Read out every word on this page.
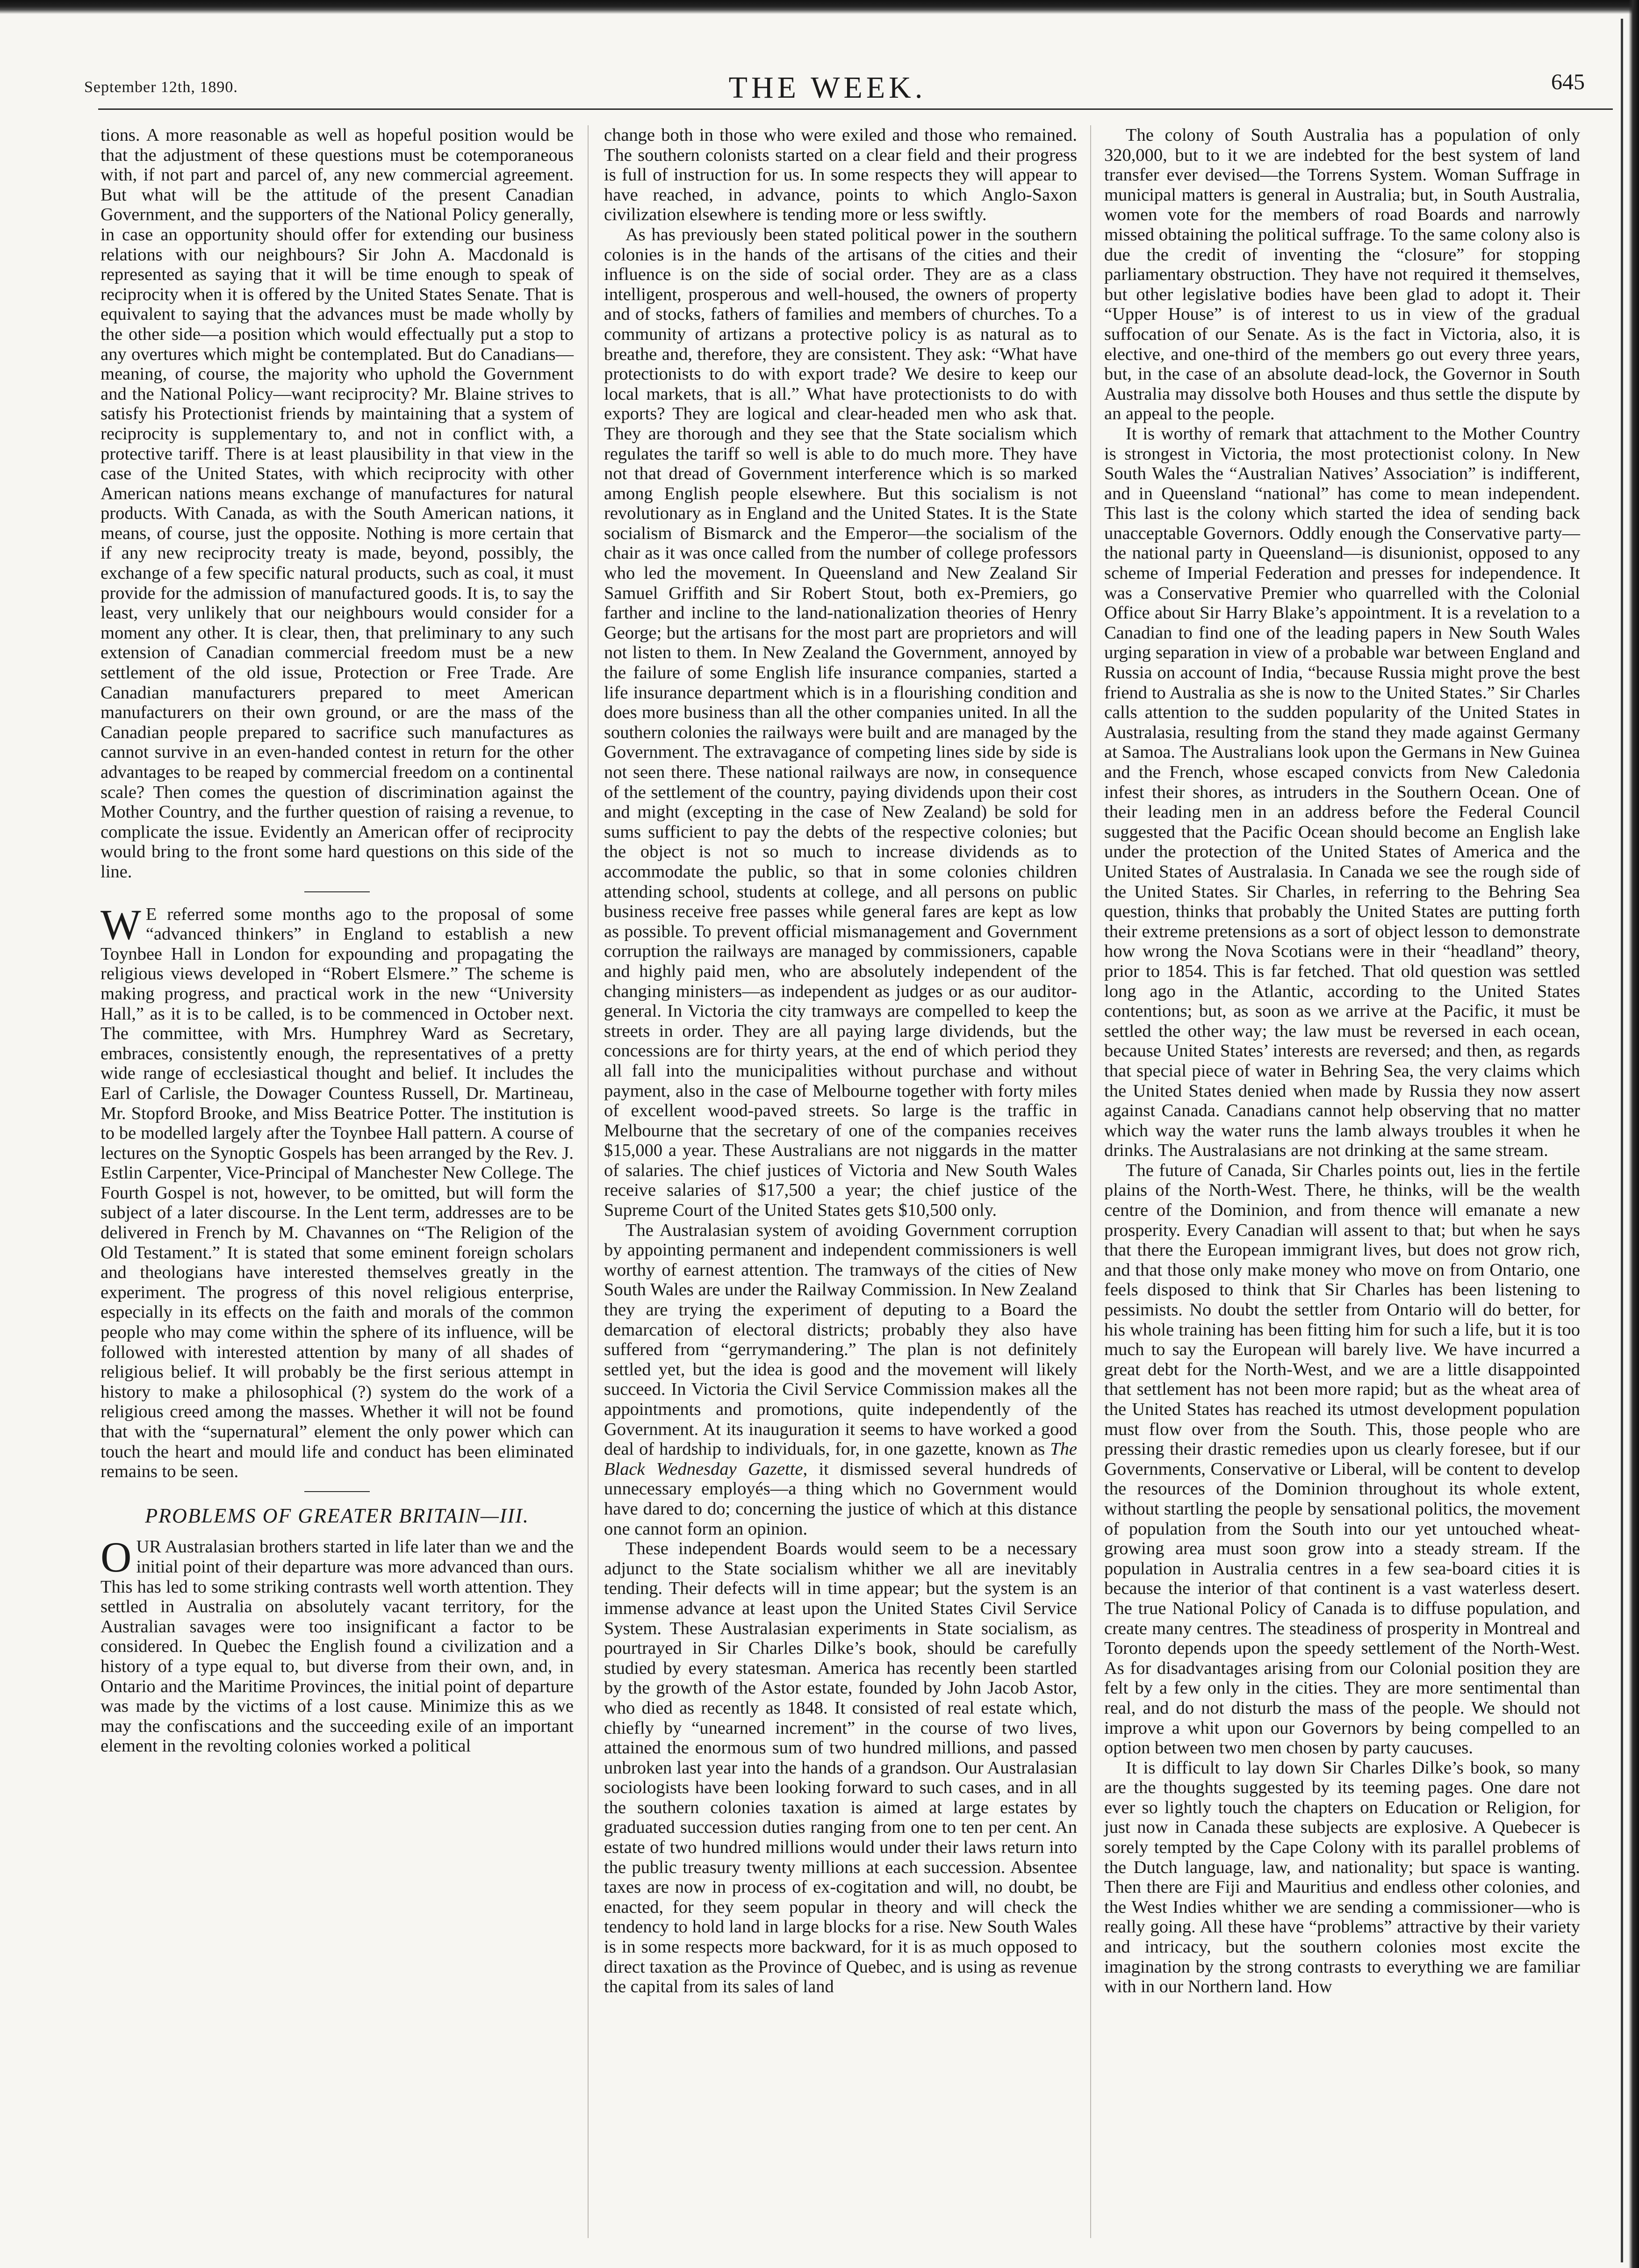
September 12th, 1890.	THE WEEK.	645

tions. A more reasonable as well as hopeful position would be that the adjustment of these questions must be cotemporaneous with, if not part and parcel of, any new commercial agreement. But what will be the attitude of the present Canadian Government, and the supporters of the National Policy generally, in case an opportunity should offer for extending our business relations with our neighbours? Sir John A. Macdonald is represented as saying that it will be time enough to speak of reciprocity when it is offered by the United States Senate. That is equivalent to saying that the advances must be made wholly by the other side—a position which would effectually put a stop to any overtures which might be contemplated. But do Canadians—meaning, of course, the majority who uphold the Government and the National Policy—want reciprocity? Mr. Blaine strives to satisfy his Protectionist friends by maintaining that a system of reciprocity is supplementary to, and not in conflict with, a protective tariff. There is at least plausibility in that view in the case of the United States, with which reciprocity with other American nations means exchange of manufactures for natural products. With Canada, as with the South American nations, it means, of course, just the opposite. Nothing is more certain that if any new reciprocity treaty is made, beyond, possibly, the exchange of a few specific natural products, such as coal, it must provide for the admission of manufactured goods. It is, to say the least, very unlikely that our neighbours would consider for a moment any other. It is clear, then, that preliminary to any such extension of Canadian commercial freedom must be a new settlement of the old issue, Protection or Free Trade. Are Canadian manufacturers prepared to meet American manufacturers on their own ground, or are the mass of the Canadian people prepared to sacrifice such manufactures as cannot survive in an even-handed contest in return for the other advantages to be reaped by commercial freedom on a continental scale? Then comes the question of discrimination against the Mother Country, and the further question of raising a revenue, to complicate the issue. Evidently an American offer of reciprocity would bring to the front some hard questions on this side of the line.

W E referred some months ago to the proposal of some “advanced thinkers” in England to establish a new Toynbee Hall in London for expounding and propagating the religious views developed in “Robert Elsmere.” The scheme is making progress, and practical work in the new “University Hall,” as it is to be called, is to be commenced in October next. The committee, with Mrs. Humphrey Ward as Secretary, embraces, consistently enough, the representatives of a pretty wide range of ecclesiastical thought and belief. It includes the Earl of Carlisle, the Dowager Countess Russell, Dr. Martineau, Mr. Stopford Brooke, and Miss Beatrice Potter. The institution is to be modelled largely after the Toynbee Hall pattern. A course of lectures on the Synoptic Gospels has been arranged by the Rev. J. Estlin Carpenter, Vice-Principal of Manchester New College. The Fourth Gospel is not, however, to be omitted, but will form the subject of a later discourse. In the Lent term, addresses are to be delivered in French by M. Chavannes on “The Religion of the Old Testament.” It is stated that some eminent foreign scholars and theologians have interested themselves greatly in the experiment. The progress of this novel religious enterprise, especially in its effects on the faith and morals of the common people who may come within the sphere of its influence, will be followed with interested attention by many of all shades of religious belief. It will probably be the first serious attempt in history to make a philosophical (?) system do the work of a religious creed among the masses. Whether it will not be found that with the “supernatural” element the only power which can touch the heart and mould life and conduct has been eliminated remains to be seen.

PROBLEMS OF GREATER BRITAIN—III.

OUR Australasian brothers started in life later than we and the initial point of their departure was more advanced than ours. This has led to some striking contrasts well worth attention. They settled in Australia on absolutely vacant territory, for the Australian savages were too insignificant a factor to be considered. In Quebec the English found a civilization and a history of a type equal to, but diverse from their own, and, in Ontario and the Maritime Provinces, the initial point of departure was made by the victims of a lost cause. Minimize this as we may the confiscations and the succeeding exile of an important element in the revolting colonies worked a political

change both in those who were exiled and those who remained. The southern colonists started on a clear field and their progress is full of instruction for us. In some respects they will appear to have reached, in advance, points to which Anglo-Saxon civilization elsewhere is tending more or less swiftly.

As has previously been stated political power in the southern colonies is in the hands of the artisans of the cities and their influence is on the side of social order. They are as a class intelligent, prosperous and well-housed, the owners of property and of stocks, fathers of families and members of churches. To a community of artizans a protective policy is as natural as to breathe and, therefore, they are consistent. They ask: “What have protectionists to do with export trade? We desire to keep our local markets, that is all.” What have protectionists to do with exports? They are logical and clear-headed men who ask that. They are thorough and they see that the State socialism which regulates the tariff so well is able to do much more. They have not that dread of Government interference which is so marked among English people elsewhere. But this socialism is not revolutionary as in England and the United States. It is the State socialism of Bismarck and the Emperor—the socialism of the chair as it was once called from the number of college professors who led the movement. In Queensland and New Zealand Sir Samuel Griffith and Sir Robert Stout, both ex-Premiers, go farther and incline to the land-nationalization theories of Henry George; but the artisans for the most part are proprietors and will not listen to them. In New Zealand the Government, annoyed by the failure of some English life insurance companies, started a life insurance department which is in a flourishing condition and does more business than all the other companies united. In all the southern colonies the railways were built and are managed by the Government. The extravagance of competing lines side by side is not seen there. These national railways are now, in consequence of the settlement of the country, paying dividends upon their cost and might (excepting in the case of New Zealand) be sold for sums sufficient to pay the debts of the respective colonies; but the object is not so much to increase dividends as to accommodate the public, so that in some colonies children attending school, students at college, and all persons on public business receive free passes while general fares are kept as low as possible. To prevent official mismanagement and Government corruption the railways are managed by commissioners, capable and highly paid men, who are absolutely independent of the changing ministers—as independent as judges or as our auditor-general. In Victoria the city tramways are compelled to keep the streets in order. They are all paying large dividends, but the concessions are for thirty years, at the end of which period they all fall into the municipalities without purchase and without payment, also in the case of Melbourne together with forty miles of excellent wood-paved streets. So large is the traffic in Melbourne that the secretary of one of the companies receives $15,000 a year. These Australians are not niggards in the matter of salaries. The chief justices of Victoria and New South Wales receive salaries of $17,500 a year; the chief justice of the Supreme Court of the United States gets $10,500 only.

The Australasian system of avoiding Government corruption by appointing permanent and independent commissioners is well worthy of earnest attention. The tramways of the cities of New South Wales are under the Railway Commission. In New Zealand they are trying the experiment of deputing to a Board the demarcation of electoral districts; probably they also have suffered from “gerrymandering.” The plan is not definitely settled yet, but the idea is good and the movement will likely succeed. In Victoria the Civil Service Commission makes all the appointments and promotions, quite independently of the Government. At its inauguration it seems to have worked a good deal of hardship to individuals, for, in one gazette, known as The Black Wednesday Gazette, it dismissed several hundreds of unnecessary employés—a thing which no Government would have dared to do; concerning the justice of which at this distance one cannot form an opinion.

These independent Boards would seem to be a necessary adjunct to the State socialism whither we all are inevitably tending. Their defects will in time appear; but the system is an immense advance at least upon the United States Civil Service System. These Australasian experiments in State socialism, as pourtrayed in Sir Charles Dilke’s book, should be carefully studied by every statesman. America has recently been startled by the growth of the Astor estate, founded by John Jacob Astor, who died as recently as 1848. It consisted of real estate which, chiefly by “unearned increment” in the course of two lives, attained the enormous sum of two hundred millions, and passed unbroken last year into the hands of a grandson. Our Australasian sociologists have been looking forward to such cases, and in all the southern colonies taxation is aimed at large estates by graduated succession duties ranging from one to ten per cent. An estate of two hundred millions would under their laws return into the public treasury twenty millions at each succession. Absentee taxes are now in process of ex-cogitation and will, no doubt, be enacted, for they seem popular in theory and will check the tendency to hold land in large blocks for a rise. New South Wales is in some respects more backward, for it is as much opposed to direct taxation as the Province of Quebec, and is using as revenue the capital from its sales of land

The colony of South Australia has a population of only 320,000, but to it we are indebted for the best system of land transfer ever devised—the Torrens System. Woman Suffrage in municipal matters is general in Australia; but, in South Australia, women vote for the members of road Boards and narrowly missed obtaining the political suffrage. To the same colony also is due the credit of inventing the “closure” for stopping parliamentary obstruction. They have not required it themselves, but other legislative bodies have been glad to adopt it. Their “Upper House” is of interest to us in view of the gradual suffocation of our Senate. As is the fact in Victoria, also, it is elective, and one-third of the members go out every three years, but, in the case of an absolute dead-lock, the Governor in South Australia may dissolve both Houses and thus settle the dispute by an appeal to the people.

It is worthy of remark that attachment to the Mother Country is strongest in Victoria, the most protectionist colony. In New South Wales the “Australian Natives’ Association” is indifferent, and in Queensland “national” has come to mean independent. This last is the colony which started the idea of sending back unacceptable Governors. Oddly enough the Conservative party—the national party in Queensland—is disunionist, opposed to any scheme of Imperial Federation and presses for independence. It was a Conservative Premier who quarrelled with the Colonial Office about Sir Harry Blake’s appointment. It is a revelation to a Canadian to find one of the leading papers in New South Wales urging separation in view of a probable war between England and Russia on account of India, “because Russia might prove the best friend to Australia as she is now to the United States.” Sir Charles calls attention to the sudden popularity of the United States in Australasia, resulting from the stand they made against Germany at Samoa. The Australians look upon the Germans in New Guinea and the French, whose escaped convicts from New Caledonia infest their shores, as intruders in the Southern Ocean. One of their leading men in an address before the Federal Council suggested that the Pacific Ocean should become an English lake under the protection of the United States of America and the United States of Australasia. In Canada we see the rough side of the United States. Sir Charles, in referring to the Behring Sea question, thinks that probably the United States are putting forth their extreme pretensions as a sort of object lesson to demonstrate how wrong the Nova Scotians were in their “headland” theory, prior to 1854. This is far fetched. That old question was settled long ago in the Atlantic, according to the United States contentions; but, as soon as we arrive at the Pacific, it must be settled the other way; the law must be reversed in each ocean, because United States’ interests are reversed; and then, as regards that special piece of water in Behring Sea, the very claims which the United States denied when made by Russia they now assert against Canada. Canadians cannot help observing that no matter which way the water runs the lamb always troubles it when he drinks. The Australasians are not drinking at the same stream.

The future of Canada, Sir Charles points out, lies in the fertile plains of the North-West. There, he thinks, will be the wealth centre of the Dominion, and from thence will emanate a new prosperity. Every Canadian will assent to that; but when he says that there the European immigrant lives, but does not grow rich, and that those only make money who move on from Ontario, one feels disposed to think that Sir Charles has been listening to pessimists. No doubt the settler from Ontario will do better, for his whole training has been fitting him for such a life, but it is too much to say the European will barely live. We have incurred a great debt for the North-West, and we are a little disappointed that settlement has not been more rapid; but as the wheat area of the United States has reached its utmost development population must flow over from the South. This, those people who are pressing their drastic remedies upon us clearly foresee, but if our Governments, Conservative or Liberal, will be content to develop the resources of the Dominion throughout its whole extent, without startling the people by sensational politics, the movement of population from the South into our yet untouched wheat-growing area must soon grow into a steady stream. If the population in Australia centres in a few sea-board cities it is because the interior of that continent is a vast waterless desert. The true National Policy of Canada is to diffuse population, and create many centres. The steadiness of prosperity in Montreal and Toronto depends upon the speedy settlement of the North-West. As for disadvantages arising from our Colonial position they are felt by a few only in the cities. They are more sentimental than real, and do not disturb the mass of the people. We should not improve a whit upon our Governors by being compelled to an option between two men chosen by party caucuses.

It is difficult to lay down Sir Charles Dilke’s book, so many are the thoughts suggested by its teeming pages. One dare not ever so lightly touch the chapters on Education or Religion, for just now in Canada these subjects are explosive. A Quebecer is sorely tempted by the Cape Colony with its parallel problems of the Dutch language, law, and nationality; but space is wanting. Then there are Fiji and Mauritius and endless other colonies, and the West Indies whither we are sending a commissioner—who is really going. All these have “problems” attractive by their variety and intricacy, but the southern colonies most excite the imagination by the strong contrasts to everything we are familiar with in our Northern land. How
